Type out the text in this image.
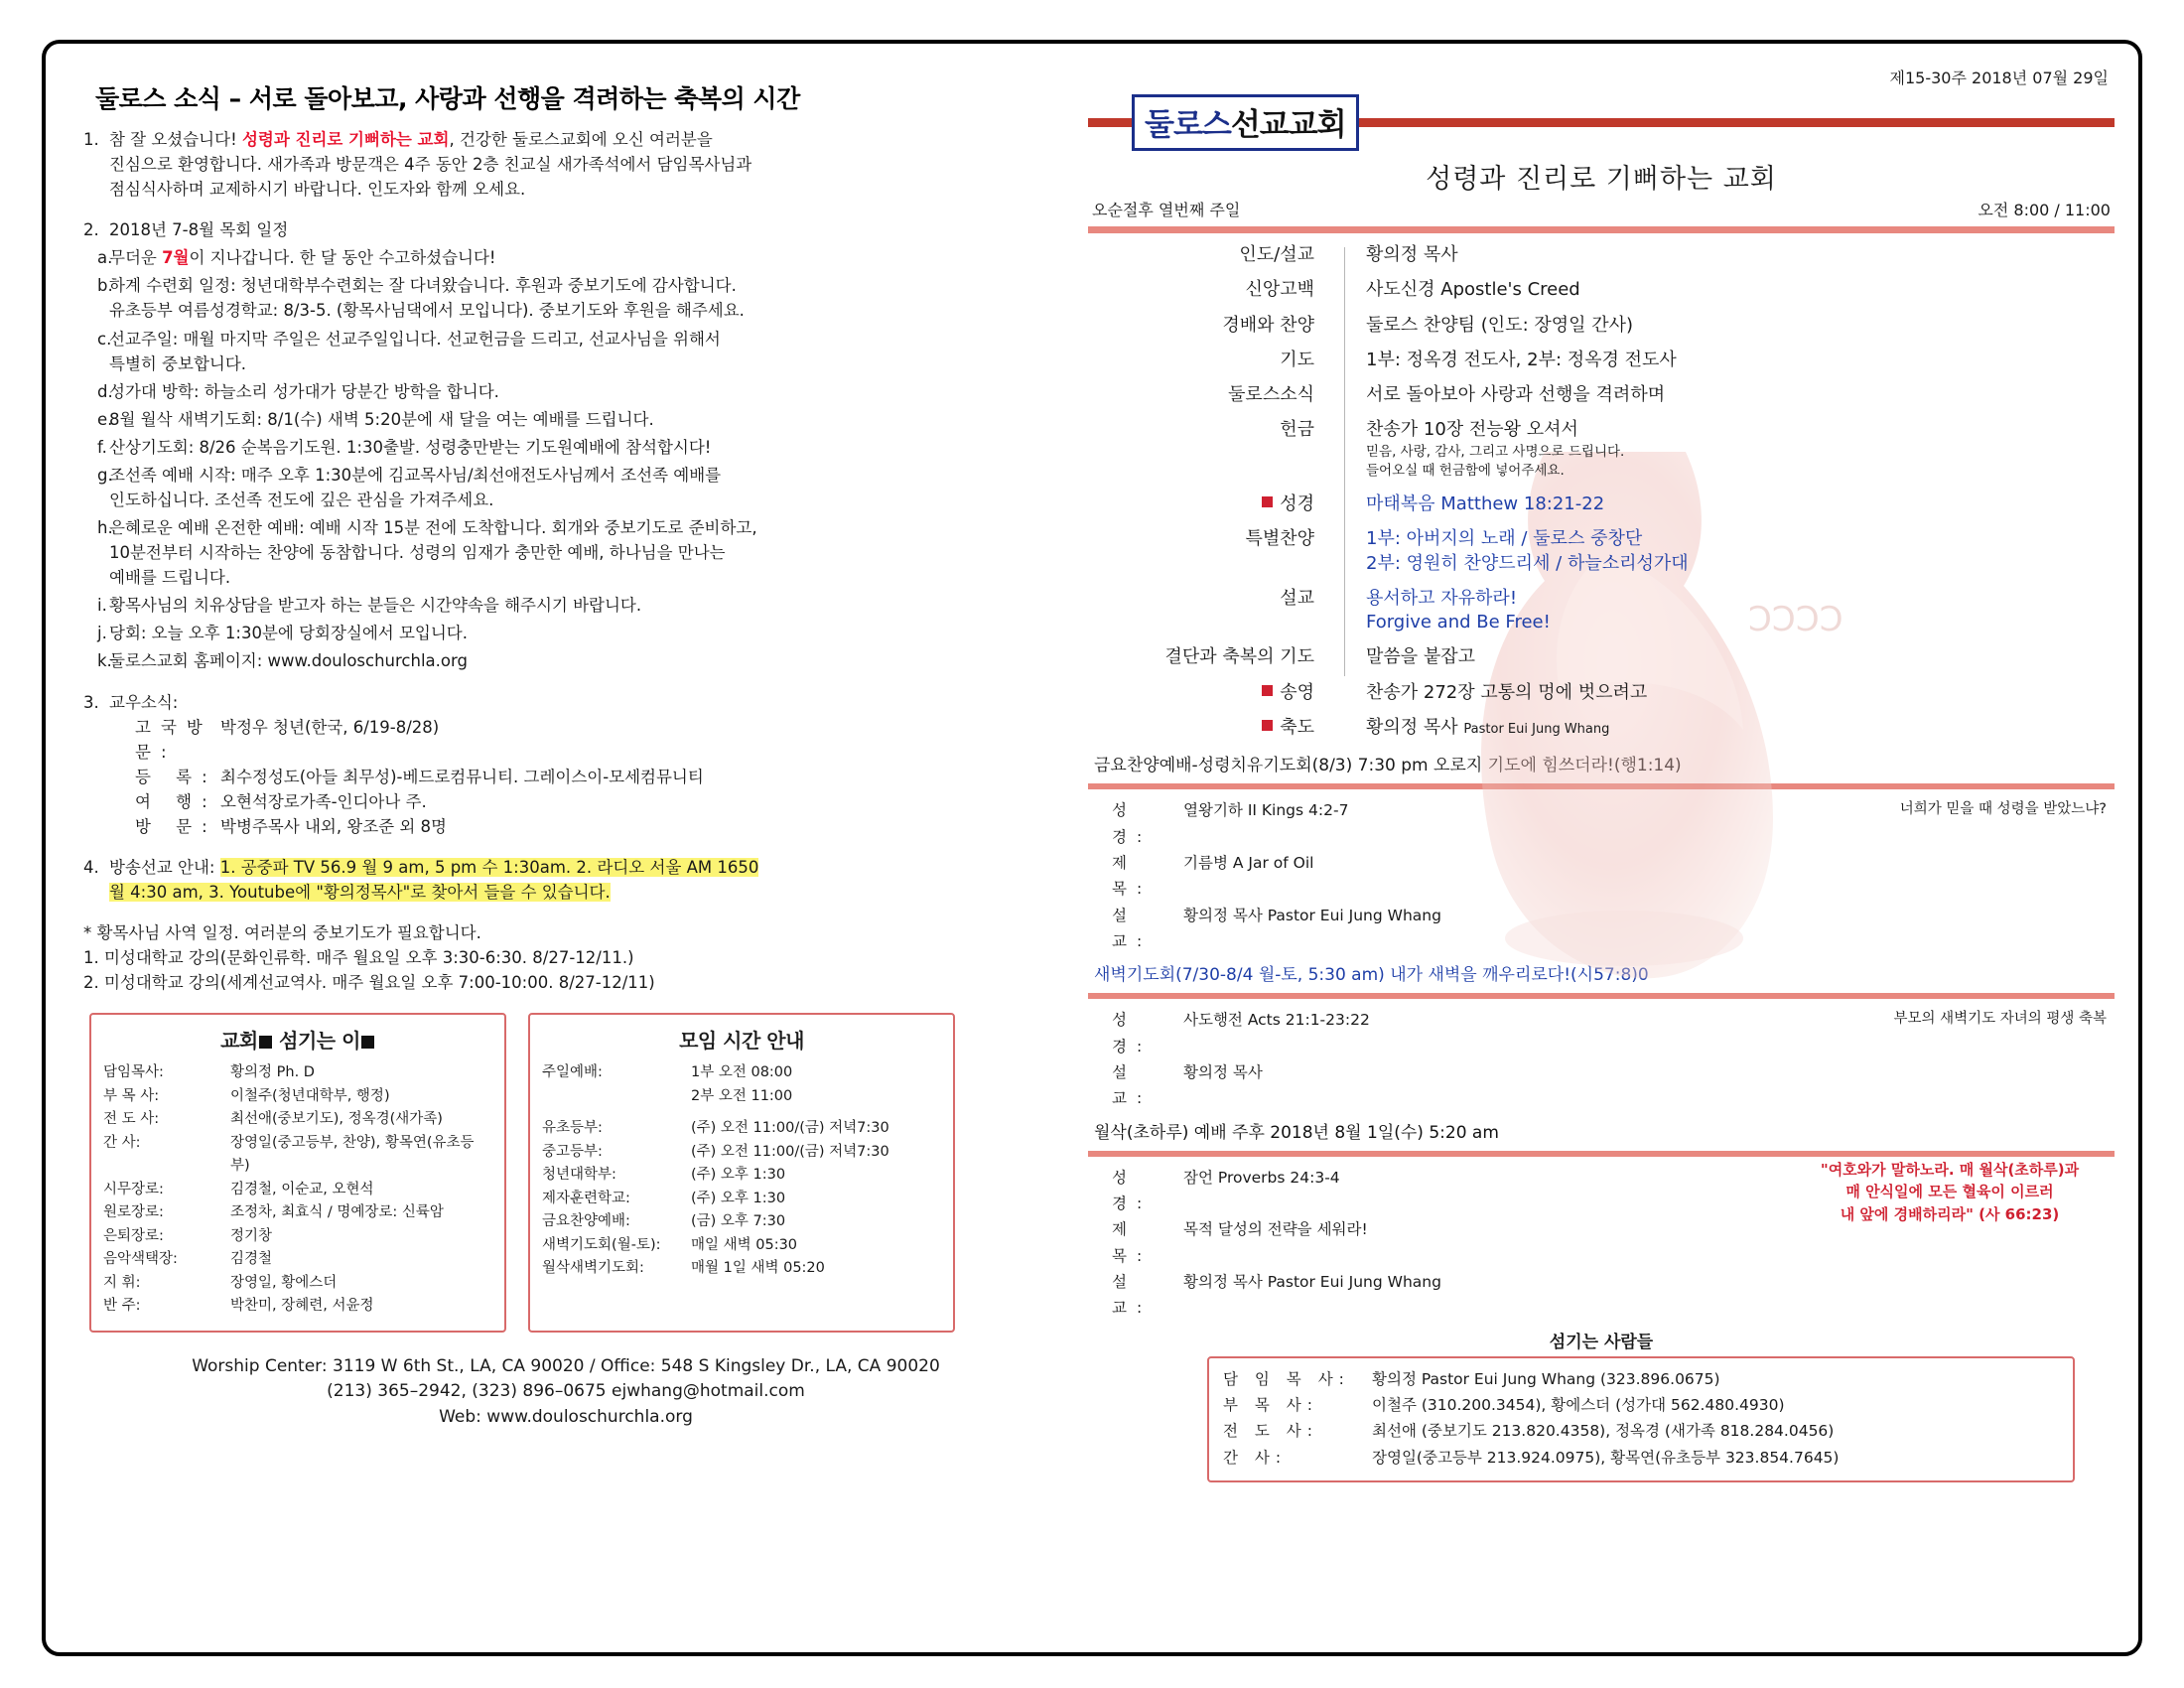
둘로스 소식 – 서로 돌아보고, 사랑과 선행을 격려하는 축복의 시간
1. 참 잘 오셨습니다! 성령과 진리로 기뻐하는 교회, 건강한 둘로스교회에 오신 여러분을
진심으로 환영합니다. 새가족과 방문객은 4주 동안 2층 친교실 새가족석에서 담임목사님과
점심식사하며 교제하시기 바랍니다. 인도자와 함께 오세요.
2. 2018년 7-8월 목회 일정
a.
무더운 7월이 지나갑니다. 한 달 동안 수고하셨습니다!
b.
하계 수련회 일정: 청년대학부수련회는 잘 다녀왔습니다. 후원과 중보기도에 감사합니다.
유초등부 여름성경학교: 8/3-5. (황목사님댁에서 모입니다). 중보기도와 후원을 해주세요.
c.
선교주일: 매월 마지막 주일은 선교주일입니다. 선교헌금을 드리고, 선교사님을 위해서
특별히 중보합니다.
d.
성가대 방학: 하늘소리 성가대가 당분간 방학을 합니다.
e.
8월 월삭 새벽기도회: 8/1(수) 새벽 5:20분에 새 달을 여는 예배를 드립니다.
f. 산상기도회: 8/26 순복음기도원. 1:30출발. 성령충만받는 기도원예배에 참석합시다!
g.
조선족 예배 시작: 매주 오후 1:30분에 김교목사님/최선애전도사님께서 조선족 예배를
인도하십니다. 조선족 전도에 깊은 관심을 가져주세요.
h.
은혜로운 예배 온전한 예배: 예배 시작 15분 전에 도착합니다. 회개와 중보기도로 준비하고,
10분전부터 시작하는 찬양에 동참합니다. 성령의 임재가 충만한 예배, 하나님을 만나는
예배를 드립니다.
i. 황목사님의 치유상담을 받고자 하는 분들은 시간약속을 해주시기 바랍니다.
j. 당회: 오늘 오후 1:30분에 당회장실에서 모입니다.
k.
둘로스교회 홈페이지: www.douloschurchla.org
3. 교우소식:
고국방문:
박정우 청년(한국, 6/19-8/28)
등 록: 최수정성도(아들 최무성)-베드로컴뮤니티. 그레이스이-모세컴뮤니티
여 행: 오현석장로가족-인디아나 주.
방 문: 박병주목사 내외, 왕조준 외 8명
4. 방송선교 안내: 1. 공중파 TV 56.9 월 9 am, 5 pm 수 1:30am. 2. 라디오 서울 AM 1650
월 4:30 am, 3. Youtube에 "황의정목사"로 찾아서 들을 수 있습니다.
* 황목사님 사역 일정. 여러분의 중보기도가 필요합니다.
1. 미성대학교 강의(문화인류학. 매주 월요일 오후 3:30-6:30. 8/27-12/11.)
2. 미성대학교 강의(세계선교역사. 매주 월요일 오후 7:00-10:00. 8/27-12/11)
교회 섬기는 이
담임목사:	황의정 Ph. D
부 목 사:	이철주(청년대학부, 행정)
전 도 사:	최선애(중보기도), 정옥경(새가족)
간 사:	장영일(중고등부, 찬양), 황목연(유초등부)
시무장로:	김경철, 이순교, 오현석
원로장로:	조정차, 최효식 / 명예장로: 신륙암
은퇴장로:	정기창
음악색택장:	김경철
지 휘:	장영일, 황에스더
반 주:	박찬미, 장혜련, 서윤정
모임 시간 안내
주일예배:	1부 오전 08:00
2부 오전 11:00
유초등부:	(주) 오전 11:00/(금) 저녁7:30
중고등부:	(주) 오전 11:00/(금) 저녁7:30
청년대학부:	(주) 오후 1:30
제자훈련학교:	(주) 오후 1:30
금요찬양예배:	(금) 오후 7:30
새벽기도회(월-토):	매일 새벽 05:30
월삭새벽기도회:	매월 1일 새벽 05:20
Worship Center: 3119 W 6th St., LA, CA 90020 / Office: 548 S Kingsley Dr., LA, CA 90020
(213) 365–2942, (323) 896–0675 ejwhang@hotmail.com
Web: www.douloschurchla.org
제15-30주 2018년 07월 29일
둘로스선교교회
성령과 진리로 기뻐하는 교회
오순절후 열번째 주일	오전 8:00 / 11:00
ϽϽϽϽ
인도/설교	황의정 목사
신앙고백	사도신경 Apostle's Creed
경배와 찬양	둘로스 찬양팀 (인도: 장영일 간사)
기도	1부: 정옥경 전도사, 2부: 정옥경 전도사
둘로스소식	서로 돌아보아 사랑과 선행을 격려하며
헌금	찬송가 10장 전능왕 오셔서
믿음, 사랑, 감사, 그리고 사명으로 드립니다.
들어오실 때 헌금함에 넣어주세요.
성경	마태복음 Matthew 18:21-22
특별찬양	1부: 아버지의 노래 / 둘로스 중창단
2부: 영원히 찬양드리세 / 하늘소리성가대
설교	용서하고 자유하라!
Forgive and Be Free!
결단과 축복의 기도	말씀을 붙잡고
송영	찬송가 272장 고통의 멍에 벗으려고
축도	황의정 목사 Pastor Eui Jung Whang
금요찬양예배-성령치유기도회(8/3) 7:30 pm 오로지 기도에 힘쓰더라!(행1:14)
너희가 믿을 때 성령을 받았느냐?
성 경:
열왕기하 II Kings 4:2-7
제 목:
기름병 A Jar of Oil
설 교:
황의정 목사 Pastor Eui Jung Whang
새벽기도회(7/30-8/4 월-토, 5:30 am) 내가 새벽을 깨우리로다!(시57:8)0
부모의 새벽기도 자녀의 평생 축복
성 경:
사도행전 Acts 21:1-23:22
설 교:
황의정 목사
월삭(초하루) 예배 주후 2018년 8월 1일(수) 5:20 am
"여호와가 말하노라. 매 월삭(초하루)과
매 안식일에 모든 혈육이 이르러
내 앞에 경배하리라" (사 66:23)
성 경:
잠언 Proverbs 24:3-4
제 목:
목적 달성의 전략을 세워라!
설 교:
황의정 목사 Pastor Eui Jung Whang
섬기는 사람들
담 임 목 사:	황의정 Pastor Eui Jung Whang (323.896.0675)
부 목 사:	이철주 (310.200.3454), 황에스더 (성가대 562.480.4930)
전 도 사:	최선애 (중보기도 213.820.4358), 정옥경 (새가족 818.284.0456)
간 사:	장영일(중고등부 213.924.0975), 황목연(유초등부 323.854.7645)
